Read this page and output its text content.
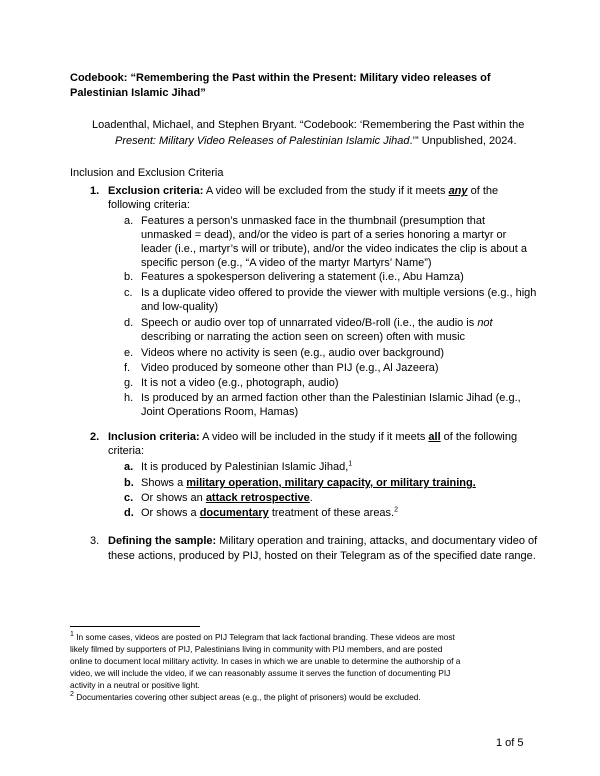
Codebook: “Remembering the Past within the Present: Military video releases of
Palestinian Islamic Jihad”
Loadenthal, Michael, and Stephen Bryant. “Codebook: ‘Remembering the Past within the
Present: Military Video Releases of Palestinian Islamic Jihad.’” Unpublished, 2024.
Inclusion and Exclusion Criteria
1. Exclusion criteria: A video will be excluded from the study if it meets any of the
following criteria:
a. Features a person’s unmasked face in the thumbnail (presumption that
unmasked = dead), and/or the video is part of a series honoring a martyr or
leader (i.e., martyr’s will or tribute), and/or the video indicates the clip is about a
specific person (e.g., “A video of the martyr Martyrs’ Name”)
b. Features a spokesperson delivering a statement (i.e., Abu Hamza)
c. Is a duplicate video offered to provide the viewer with multiple versions (e.g., high
and low-quality)
d. Speech or audio over top of unnarrated video/B-roll (i.e., the audio is not
describing or narrating the action seen on screen) often with music
e. Videos where no activity is seen (e.g., audio over background)
f. Video produced by someone other than PIJ (e.g., Al Jazeera)
g. It is not a video (e.g., photograph, audio)
h. Is produced by an armed faction other than the Palestinian Islamic Jihad (e.g.,
Joint Operations Room, Hamas)
2. Inclusion criteria: A video will be included in the study if it meets all of the following
criteria:
a. It is produced by Palestinian Islamic Jihad,$^1$
b. Shows a military operation, military capacity, or military training.
c. Or shows an attack retrospective.
d. Or shows a documentary treatment of these areas.$^2$
3. Defining the sample: Military operation and training, attacks, and documentary video of
these actions, produced by PIJ, hosted on their Telegram as of the specified date range.
$^1$ In some cases, videos are posted on PIJ Telegram that lack factional branding. These videos are most
likely filmed by supporters of PIJ, Palestinians living in community with PIJ members, and are posted
online to document local military activity. In cases in which we are unable to determine the authorship of a
video, we will include the video, if we can reasonably assume it serves the function of documenting PIJ
activity in a neutral or positive light.
$^2$ Documentaries covering other subject areas (e.g., the plight of prisoners) would be excluded.
1 of 5
